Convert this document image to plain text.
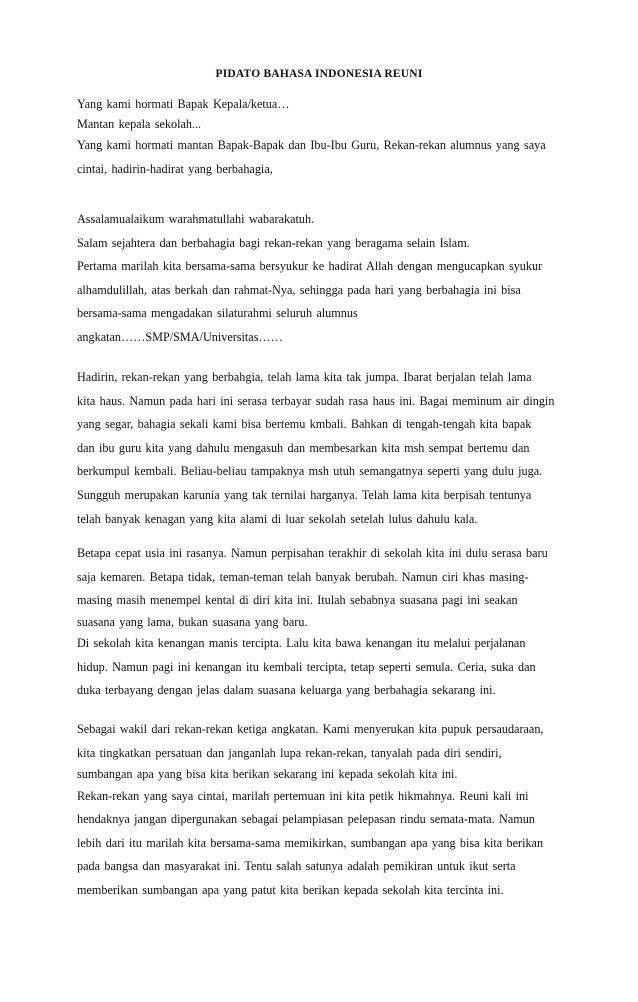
PIDATO BAHASA INDONESIA REUNI
Yang kami hormati Bapak Kepala/ketua…
Mantan kepala sekolah...
Yang kami hormati mantan Bapak-Bapak dan Ibu-Ibu Guru, Rekan-rekan alumnus yang saya
cintai, hadirin-hadirat yang berbahagia,
Assalamualaikum warahmatullahi wabarakatuh.
Salam sejahtera dan berbahagia bagi rekan-rekan yang beragama selain Islam.
Pertama marilah kita bersama-sama bersyukur ke hadirat Allah dengan mengucapkan syukur
alhamdulillah, atas berkah dan rahmat-Nya, sehingga pada hari yang berbahagia ini bisa
bersama-sama mengadakan silaturahmi seluruh alumnus
angkatan……SMP/SMA/Universitas……
Hadirin, rekan-rekan yang berbahgia, telah lama kita tak jumpa. Ibarat berjalan telah lama
kita haus. Namun pada hari ini serasa terbayar sudah rasa haus ini. Bagai meminum air dingin
yang segar, bahagia sekali kami bisa bertemu kmbali. Bahkan di tengah-tengah kita bapak
dan ibu guru kita yang dahulu mengasuh dan membesarkan kita msh sempat bertemu dan
berkumpul kembali. Beliau-beliau tampaknya msh utuh semangatnya seperti yang dulu juga.
Sungguh merupakan karunia yang tak ternilai harganya. Telah lama kita berpisah tentunya
telah banyak kenagan yang kita alami di luar sekolah setelah lulus dahulu kala.
Betapa cepat usia ini rasanya. Namun perpisahan terakhir di sekolah kita ini dulu serasa baru
saja kemaren. Betapa tidak, teman-teman telah banyak berubah. Namun ciri khas masing-
masing masih menempel kental di diri kita ini. Itulah sebabnya suasana pagi ini seakan
suasana yang lama, bukan suasana yang baru.
Di sekolah kita kenangan manis tercipta. Lalu kita bawa kenangan itu melalui perjalanan
hidup. Namun pagi ini kenangan itu kembali tercipta, tetap seperti semula. Ceria, suka dan
duka terbayang dengan jelas dalam suasana keluarga yang berbahagia sekarang ini.
Sebagai wakil dari rekan-rekan ketiga angkatan. Kami menyerukan kita pupuk persaudaraan,
kita tingkatkan persatuan dan janganlah lupa rekan-rekan, tanyalah pada diri sendiri,
sumbangan apa yang bisa kita berikan sekarang ini kepada sekolah kita ini.
Rekan-rekan yang saya cintai, marilah pertemuan ini kita petik hikmahnya. Reuni kali ini
hendaknya jangan dipergunakan sebagai pelampiasan pelepasan rindu semata-mata. Namun
lebih dari itu marilah kita bersama-sama memikirkan, sumbangan apa yang bisa kita berikan
pada bangsa dan masyarakat ini. Tentu salah satunya adalah pemikiran untuk ikut serta
memberikan sumbangan apa yang patut kita berikan kepada sekolah kita tercinta ini.
